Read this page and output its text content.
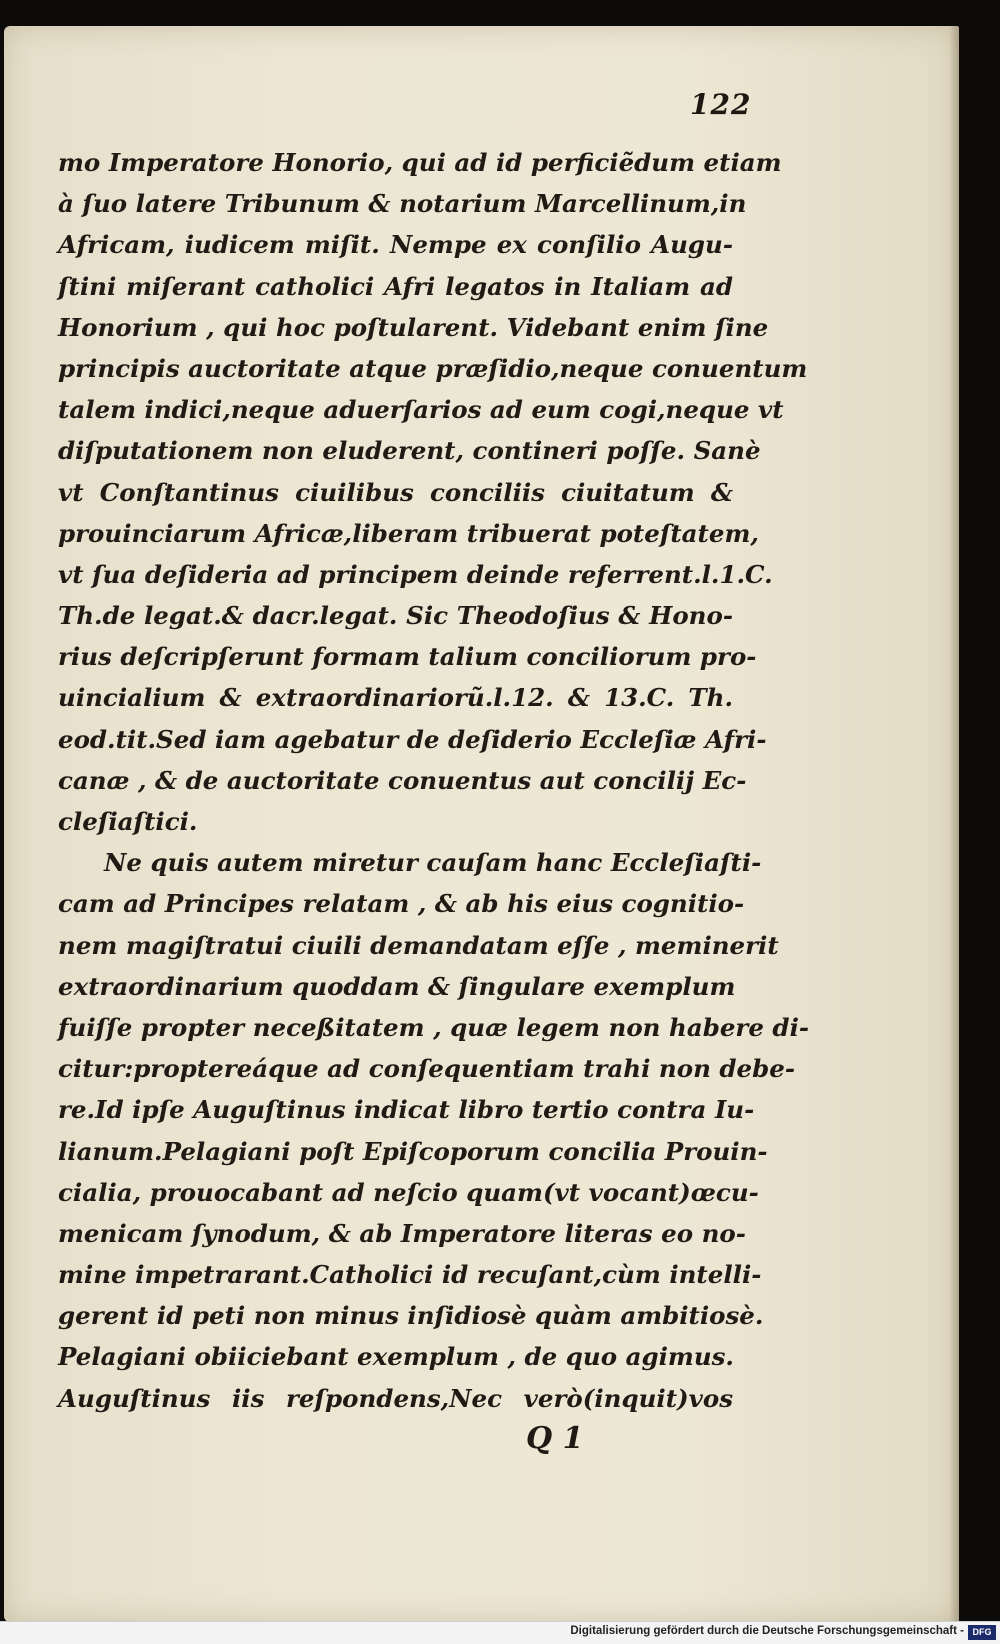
122
mo Imperatore Honorio, qui ad id perficiẽdum etiam
à ſuo latere Tribunum & notarium Marcellinum,in
Africam, iudicem miſit. Nempe ex conſilio Augu-
ſtini miſerant catholici Afri legatos in Italiam ad
Honorium , qui hoc poſtularent. Videbant enim ſine
principis auctoritate atque præſidio,neque conuentum
talem indici,neque aduerſarios ad eum cogi,neque vt
diſputationem non eluderent, contineri poſſe. Sanè
vt Conſtantinus ciuilibus conciliis ciuitatum &
prouinciarum Africæ,liberam tribuerat poteſtatem,
vt ſua deſideria ad principem deinde referrent.l.1.C.
Th.de legat.& dacr.legat. Sic Theodoſius & Hono-
rius deſcripſerunt formam talium conciliorum pro-
uincialium & extraordinariorũ.l.12. & 13.C. Th.
eod.tit.Sed iam agebatur de deſiderio Eccleſiæ Afri-
canæ , & de auctoritate conuentus aut concilij Ec-
cleſiaſtici.
Ne quis autem miretur cauſam hanc Eccleſiaſti-
cam ad Principes relatam , & ab his eius cognitio-
nem magiſtratui ciuili demandatam eſſe , meminerit
extraordinarium quoddam & ſingulare exemplum
fuiſſe propter neceßitatem , quæ legem non habere di-
citur:proptereáque ad conſequentiam trahi non debe-
re.Id ipſe Auguſtinus indicat libro tertio contra Iu-
lianum.Pelagiani poſt Epiſcoporum concilia Prouin-
cialia, prouocabant ad neſcio quam(vt vocant)œcu-
menicam ſynodum, & ab Imperatore literas eo no-
mine impetrarant.Catholici id recuſant,cùm intelli-
gerent id peti non minus inſidiosè quàm ambitiosè.
Pelagiani obiiciebant exemplum , de quo agimus.
Auguſtinus iis reſpondens,Nec verò(inquit)vos
Q 1
Digitalisierung gefördert durch die Deutsche Forschungsgemeinschaft - DFG
